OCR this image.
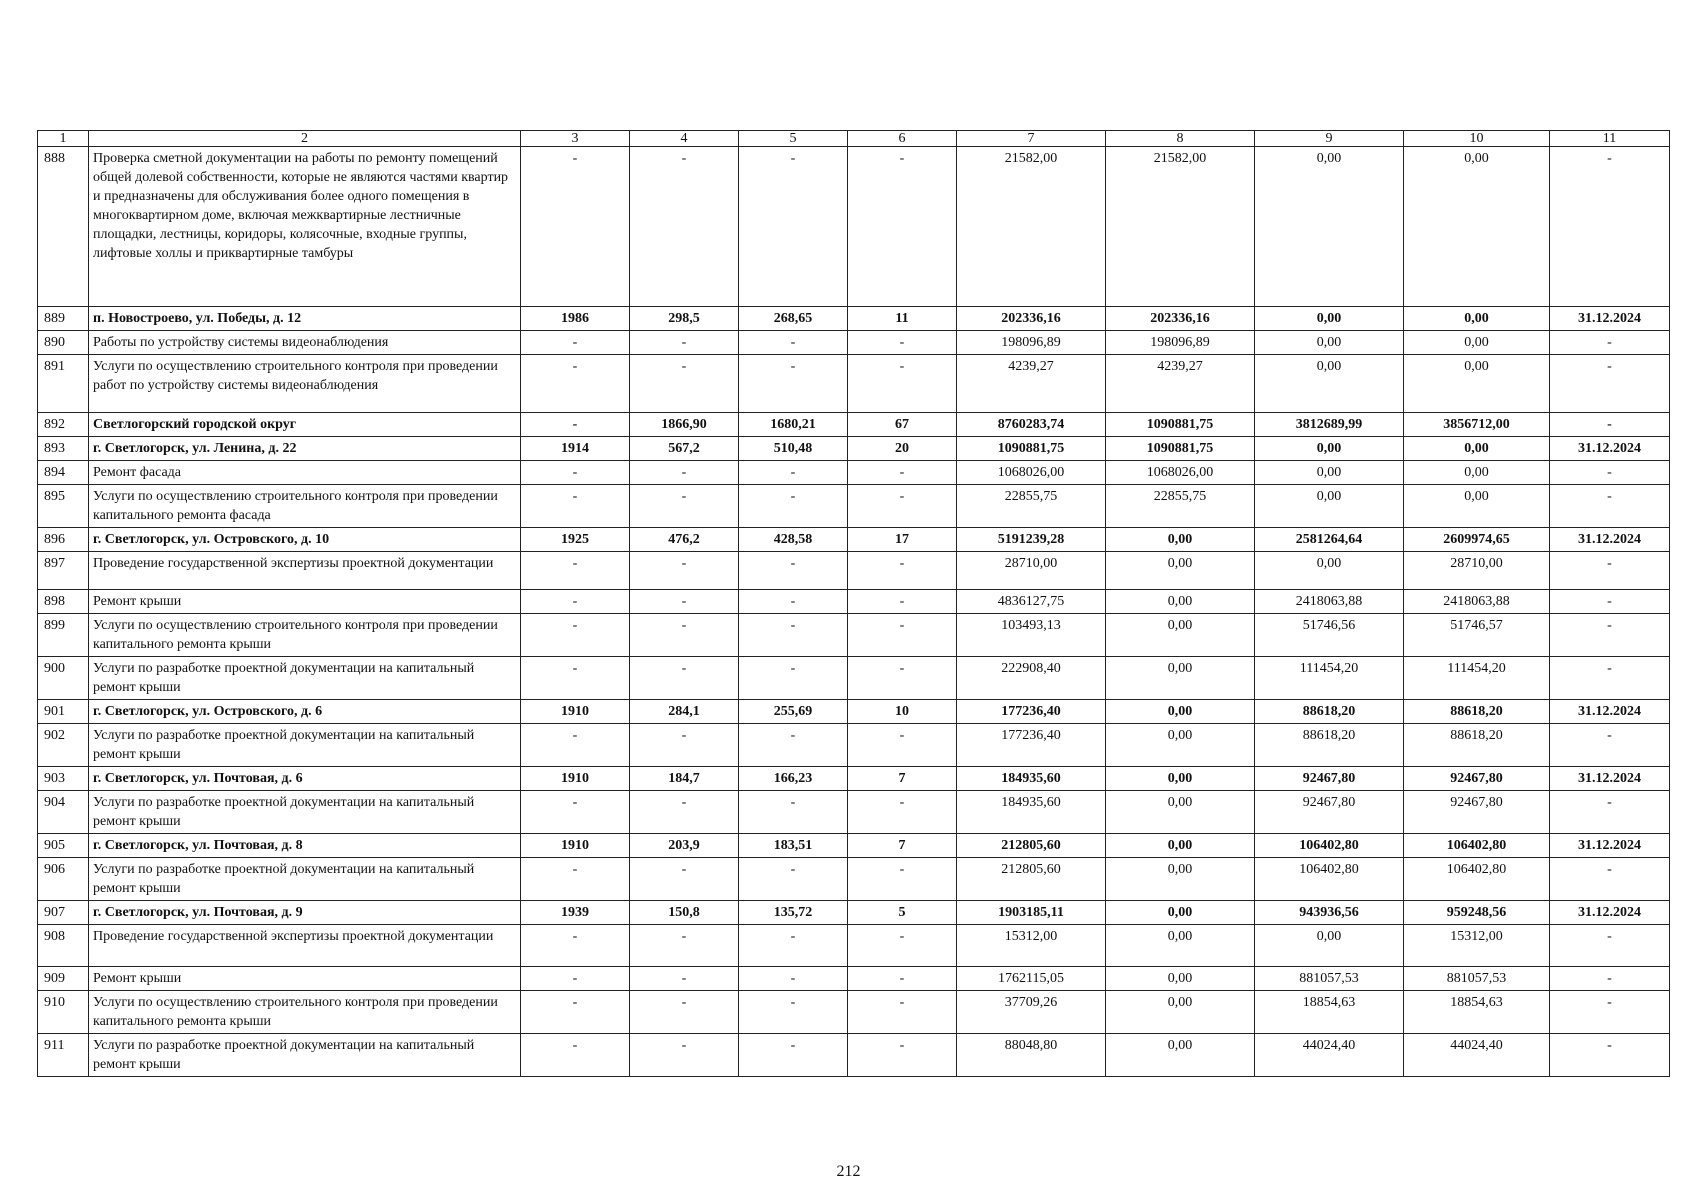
1	2	3	4	5	6	7	8	9	10	11
888	Проверка сметной документации на работы по ремонту помещений общей долевой собственности, которые не являются частями квартир и предназначены для обслуживания более одного помещения в многоквартирном доме, включая межквартирные лестничные площадки, лестницы, коридоры, колясочные, входные группы, лифтовые холлы и приквартирные тамбуры	-	-	-	-	21582,00	21582,00	0,00	0,00	-
889	п. Новостроево, ул. Победы, д. 12	1986	298,5	268,65	11	202336,16	202336,16	0,00	0,00	31.12.2024
890	Работы по устройству системы видеонаблюдения	-	-	-	-	198096,89	198096,89	0,00	0,00	-
891	Услуги по осуществлению строительного контроля при проведении работ по устройству системы видеонаблюдения	-	-	-	-	4239,27	4239,27	0,00	0,00	-
892	Светлогорский городской округ	-	1866,90	1680,21	67	8760283,74	1090881,75	3812689,99	3856712,00	-
893	г. Светлогорск, ул. Ленина, д. 22	1914	567,2	510,48	20	1090881,75	1090881,75	0,00	0,00	31.12.2024
894	Ремонт фасада	-	-	-	-	1068026,00	1068026,00	0,00	0,00	-
895	Услуги по осуществлению строительного контроля при проведении капитального ремонта фасада	-	-	-	-	22855,75	22855,75	0,00	0,00	-
896	г. Светлогорск, ул. Островского, д. 10	1925	476,2	428,58	17	5191239,28	0,00	2581264,64	2609974,65	31.12.2024
897	Проведение государственной экспертизы проектной документации	-	-	-	-	28710,00	0,00	0,00	28710,00	-
898	Ремонт крыши	-	-	-	-	4836127,75	0,00	2418063,88	2418063,88	-
899	Услуги по осуществлению строительного контроля при проведении капитального ремонта крыши	-	-	-	-	103493,13	0,00	51746,56	51746,57	-
900	Услуги по разработке проектной документации на капитальный ремонт крыши	-	-	-	-	222908,40	0,00	111454,20	111454,20	-
901	г. Светлогорск, ул. Островского, д. 6	1910	284,1	255,69	10	177236,40	0,00	88618,20	88618,20	31.12.2024
902	Услуги по разработке проектной документации на капитальный ремонт крыши	-	-	-	-	177236,40	0,00	88618,20	88618,20	-
903	г. Светлогорск, ул. Почтовая, д. 6	1910	184,7	166,23	7	184935,60	0,00	92467,80	92467,80	31.12.2024
904	Услуги по разработке проектной документации на капитальный ремонт крыши	-	-	-	-	184935,60	0,00	92467,80	92467,80	-
905	г. Светлогорск, ул. Почтовая, д. 8	1910	203,9	183,51	7	212805,60	0,00	106402,80	106402,80	31.12.2024
906	Услуги по разработке проектной документации на капитальный ремонт крыши	-	-	-	-	212805,60	0,00	106402,80	106402,80	-
907	г. Светлогорск, ул. Почтовая, д. 9	1939	150,8	135,72	5	1903185,11	0,00	943936,56	959248,56	31.12.2024
908	Проведение государственной экспертизы проектной документации	-	-	-	-	15312,00	0,00	0,00	15312,00	-
909	Ремонт крыши	-	-	-	-	1762115,05	0,00	881057,53	881057,53	-
910	Услуги по осуществлению строительного контроля при проведении капитального ремонта крыши	-	-	-	-	37709,26	0,00	18854,63	18854,63	-
911	Услуги по разработке проектной документации на капитальный ремонт крыши	-	-	-	-	88048,80	0,00	44024,40	44024,40	-
212
